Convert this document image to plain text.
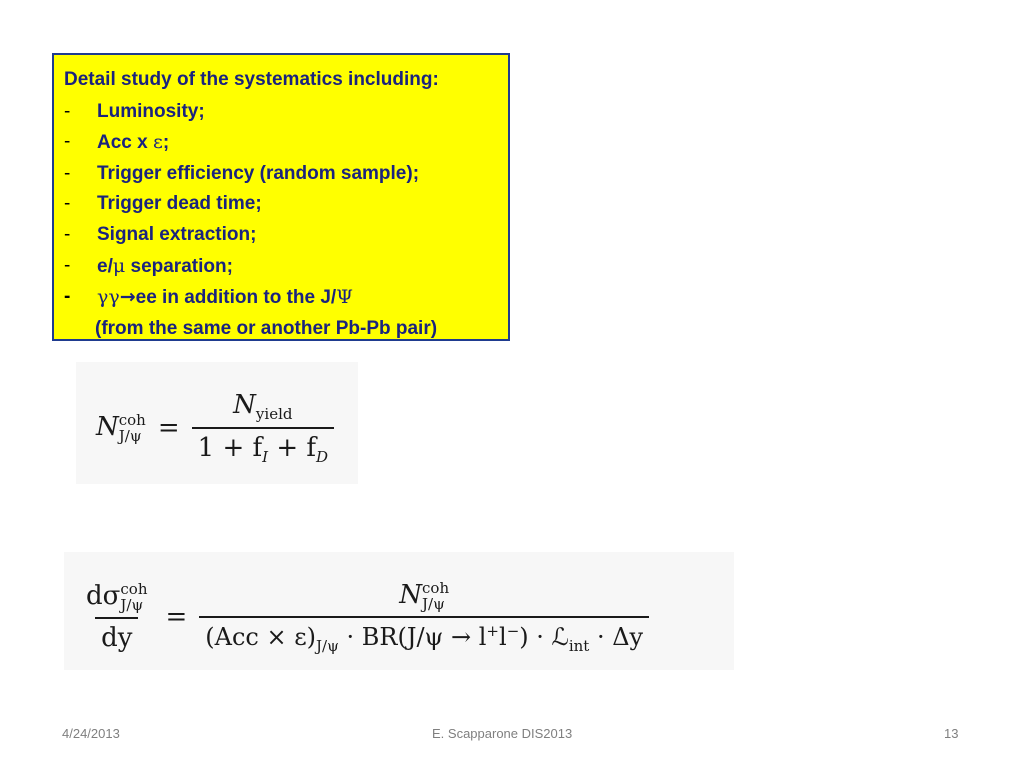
Detail study of the systematics including:
- Luminosity;
- Acc x ε;
- Trigger efficiency (random sample);
- Trigger dead time;
- Signal extraction;
- e/μ separation;
- γγ→ee in addition to the J/Ψ
(from the same or another Pb-Pb pair)
N coh
$J/\psi = \frac{N_{yield}}{1 + f_I + f_D}$
dσ coh
J/ψ
dy = N coh
J/ψ
$(Acc \times \varepsilon)_{J/\psi} \cdot BR(J/\psi \to l^+l^-)$ · ℒ$_{int}$ · Δy
4/24/2013	E. Scapparone DIS2013	13
